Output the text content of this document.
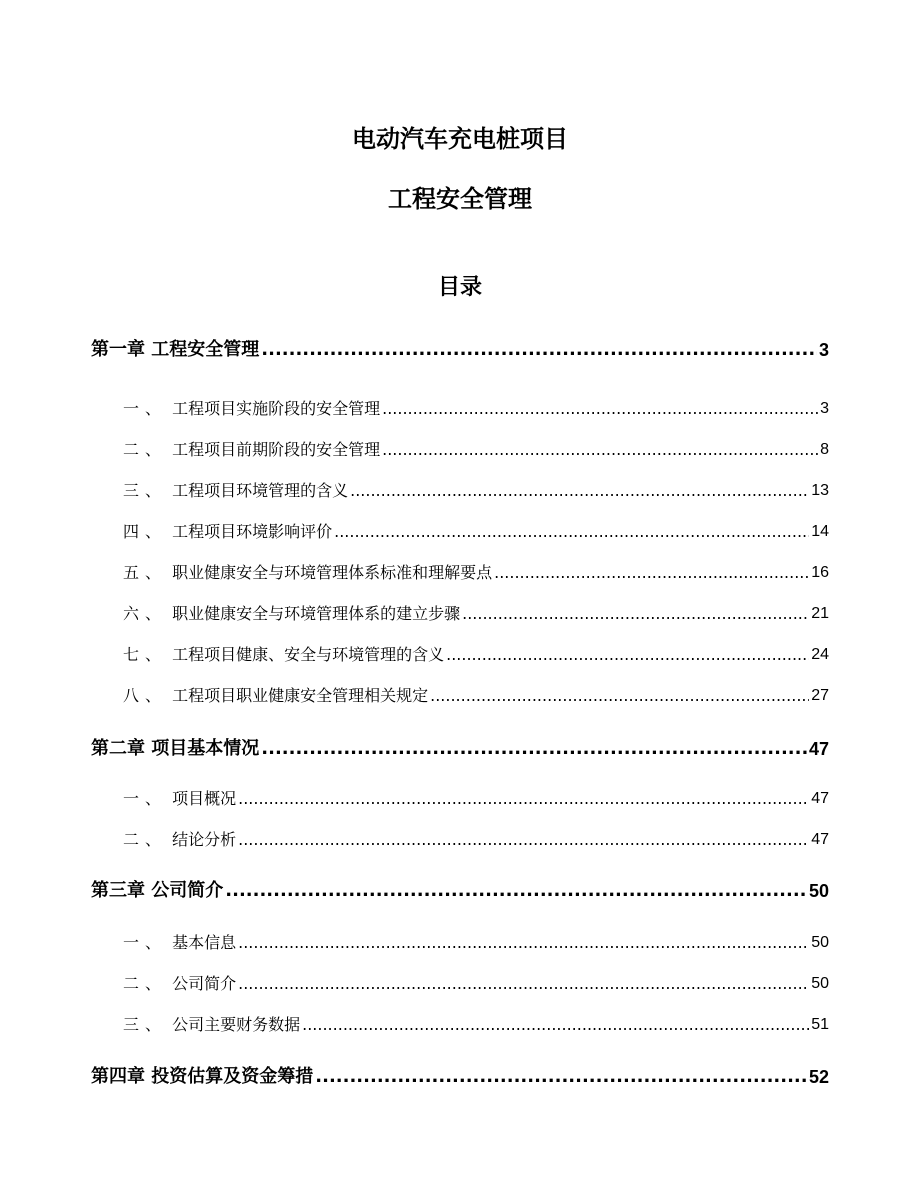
电动汽车充电桩项目
工程安全管理
目录
第一章 工程安全管理 .....	3
一、 工程项目实施阶段的安全管理 .....	3
二、 工程项目前期阶段的安全管理 .....	8
三、 工程项目环境管理的含义 .....	13
四、 工程项目环境影响评价 .....	14
五、 职业健康安全与环境管理体系标准和理解要点 .....	16
六、 职业健康安全与环境管理体系的建立步骤 .....	21
七、 工程项目健康、安全与环境管理的含义 .....	24
八、 工程项目职业健康安全管理相关规定 .....	27
第二章 项目基本情况 .....	47
一、 项目概况 .....	47
二、 结论分析 .....	47
第三章 公司简介 .....	50
一、 基本信息 .....	50
二、 公司简介 .....	50
三、 公司主要财务数据 .....	51
第四章 投资估算及资金筹措 .....	52
